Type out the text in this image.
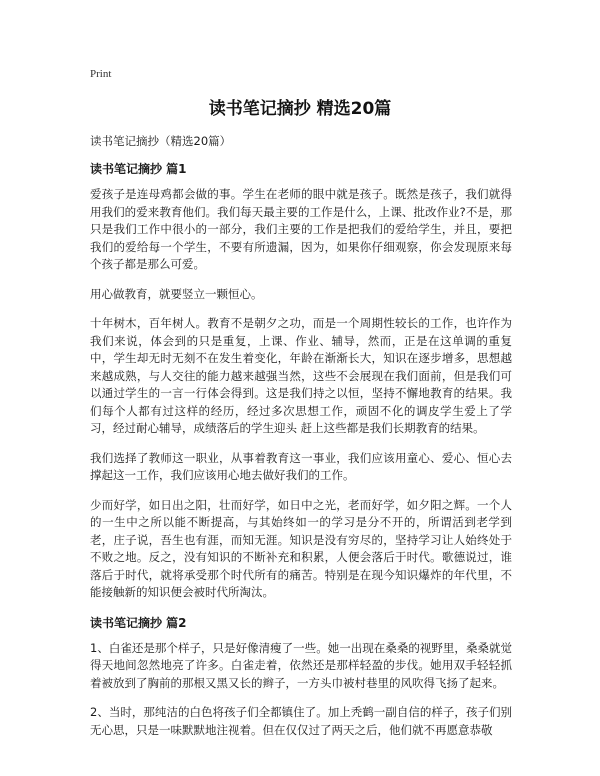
Print
读书笔记摘抄 精选20篇

读书笔记摘抄（精选20篇）

读书笔记摘抄 篇1

爱孩子是连母鸡都会做的事。学生在老师的眼中就是孩子。既然是孩子，我们就得用我们的爱来教育他们。我们每天最主要的工作是什么，上课、批改作业?不是，那只是我们工作中很小的一部分，我们主要的工作是把我们的爱给学生，并且，要把我们的爱给每一个学生，不要有所遗漏，因为，如果你仔细观察，你会发现原来每个孩子都是那么可爱。

用心做教育，就要竖立一颗恒心。

十年树木，百年树人。教育不是朝夕之功，而是一个周期性较长的工作，也许作为我们来说，体会到的只是重复，上课、作业、辅导，然而，正是在这单调的重复中，学生却无时无刻不在发生着变化，年龄在渐渐长大，知识在逐步增多，思想越来越成熟，与人交往的能力越来越强当然，这些不会展现在我们面前，但是我们可以通过学生的一言一行体会得到。这是我们持之以恒，坚持不懈地教育的结果。我们每个人都有过这样的经历，经过多次思想工作，顽固不化的调皮学生爱上了学习，经过耐心辅导，成绩落后的学生迎头 赶上这些都是我们长期教育的结果。

我们选择了教师这一职业，从事着教育这一事业，我们应该用童心、爱心、恒心去撑起这一工作，我们应该用心地去做好我们的工作。

少而好学，如日出之阳，壮而好学，如日中之光，老而好学，如夕阳之辉。一个人的一生中之所以能不断提高，与其始终如一的学习是分不开的，所谓活到老学到老，庄子说，吾生也有涯，而知无涯。知识是没有穷尽的，坚持学习让人始终处于不败之地。反之，没有知识的不断补充和积累，人便会落后于时代。歌德说过，谁落后于时代，就将承受那个时代所有的痛苦。特别是在现今知识爆炸的年代里，不能接触新的知识便会被时代所淘汰。

读书笔记摘抄 篇2

1、白雀还是那个样子，只是好像清瘦了一些。她一出现在桑桑的视野里，桑桑就觉得天地间忽然地亮了许多。白雀走着，依然还是那样轻盈的步伐。她用双手轻轻抓着被放到了胸前的那根又黑又长的辫子，一方头巾被村巷里的风吹得飞扬了起来。

2、当时，那纯洁的白色将孩子们全都镇住了。加上秃鹤一副自信的样子，孩子们别无心思，只是一味默默地注视着。但在仅仅过了两天之后，他们就不再愿意恭敬
